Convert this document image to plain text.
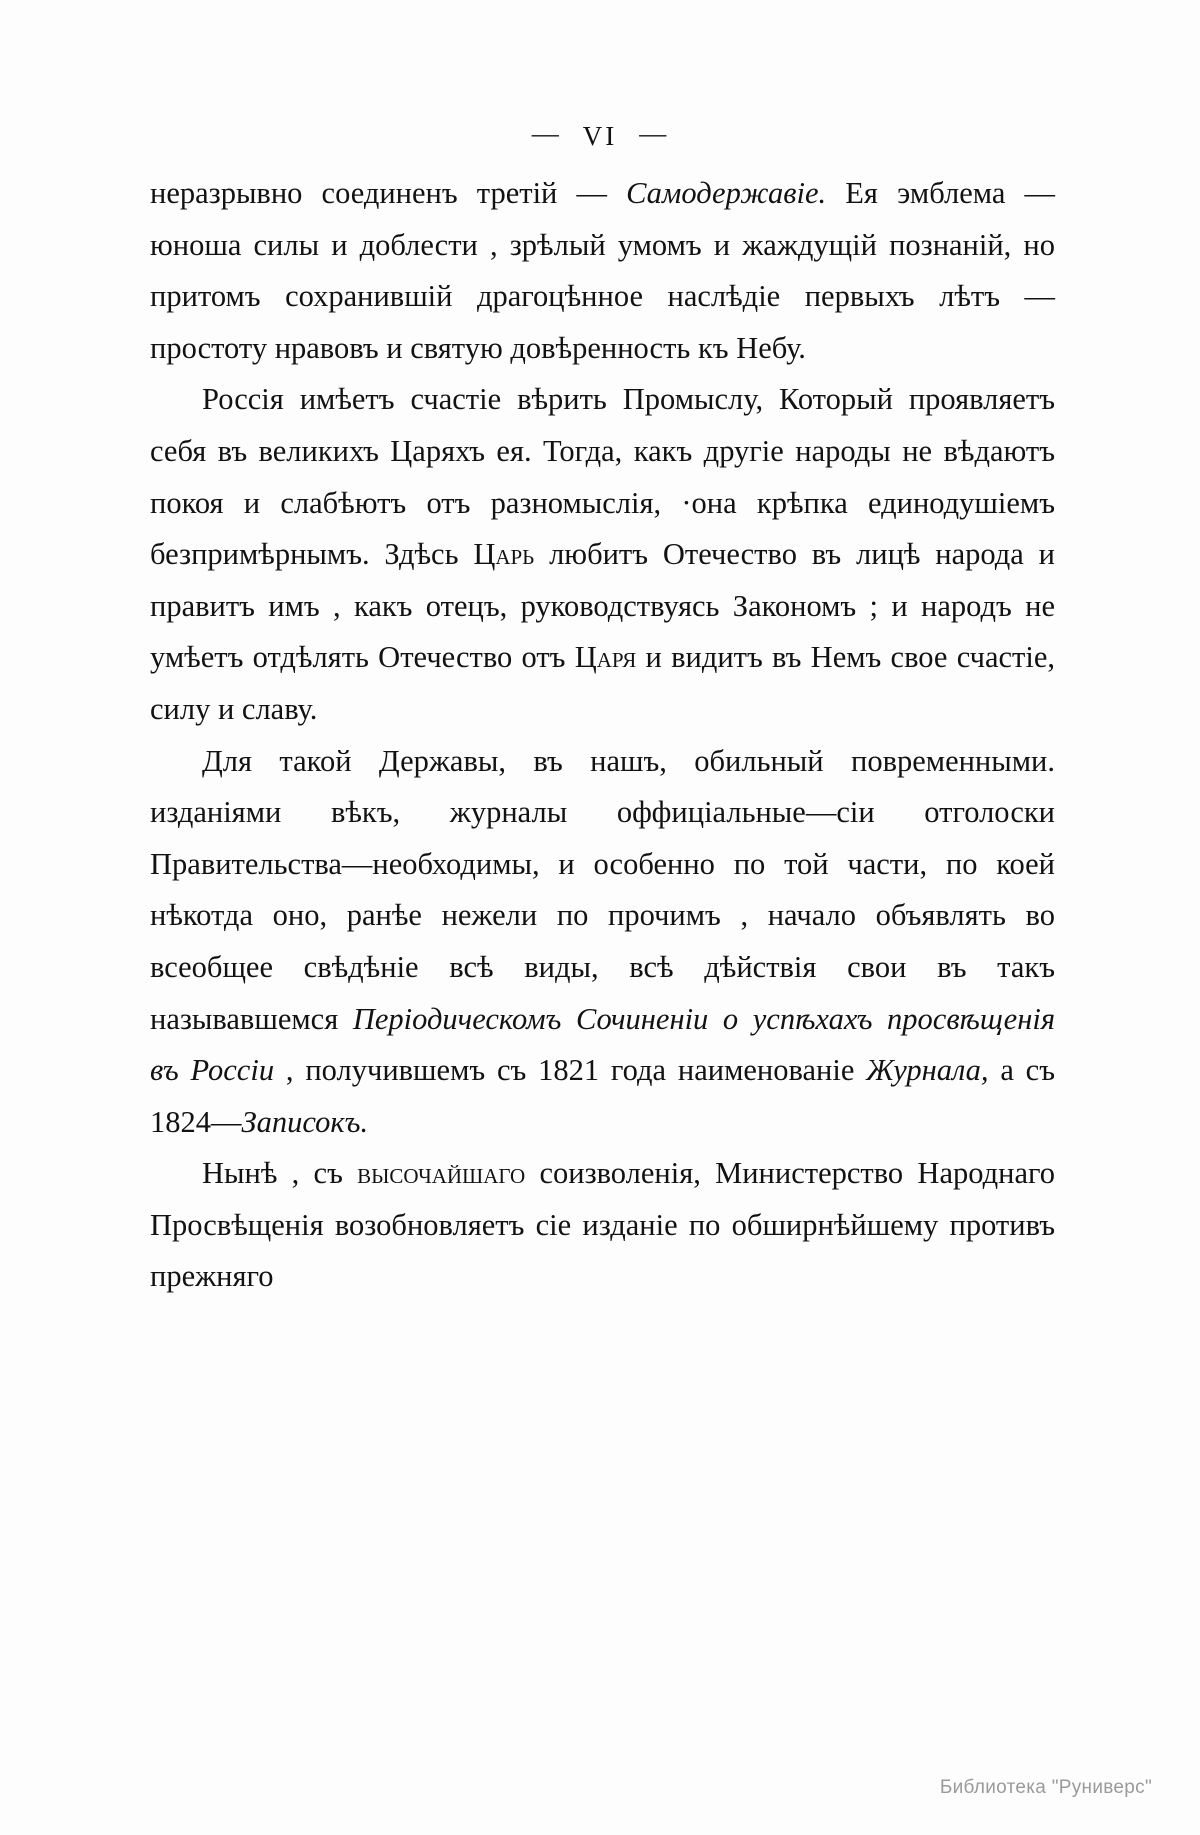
— VI —

неразрывно соединенъ третій — Самодержавіе. Ея эмблема — юноша силы и доблести , зрѣлый умомъ и жаждущій познаній, но притомъ сохранившій драгоцѣнное наслѣдіе первыхъ лѣтъ — простоту нравовъ и святую довѣренность къ Небу.

Россія имѣетъ счастіе вѣрить Промыслу, Который проявляетъ себя въ великихъ Царяхъ ея. Тогда, какъ другіе народы не вѣдаютъ покоя и слабѣютъ отъ разномыслія, ·она крѣпка единодушіемъ безпримѣрнымъ. Здѣсь Царь любитъ Отечество въ лицѣ народа и правитъ имъ , какъ отецъ, руководствуясь Закономъ ; и народъ не умѣетъ отдѣлять Отечество отъ Царя и видитъ въ Немъ свое счастіе, силу и славу.

Для такой Державы, въ нашъ, обильный повременными. изданіями вѣкъ, журналы оффиціальные—сіи отголоски Правительства—необходимы, и особенно по той части, по коей нѣкотда оно, ранѣе нежели по прочимъ , начало объявлять во всеобщее свѣдѣніе всѣ виды, всѣ дѣйствія свои въ такъ называвшемся Періодическомъ Сочиненіи о успѣхахъ просвѣщенія въ Россіи , получившемъ съ 1821 года наименованіе Журнала, а съ 1824—Записокъ.

Нынѣ , съ высочайшаго соизволенія, Министерство Народнаго Просвѣщенія возобновляетъ сіе изданіе по обширнѣйшему противъ прежняго

Библиотека "Руниверс"
